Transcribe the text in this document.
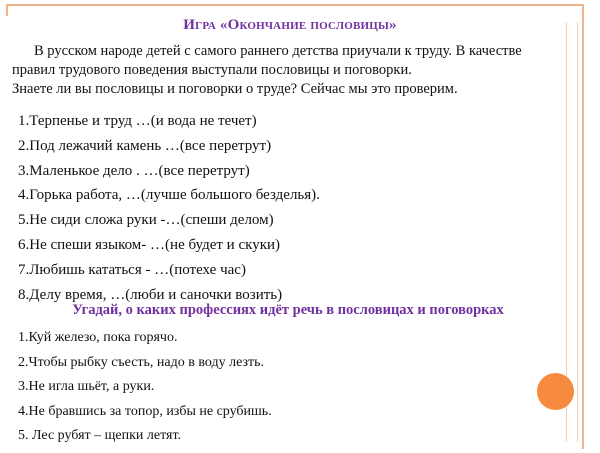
Игра «Окончание пословицы»

В русском народе детей с самого раннего детства приучали к труду. В качестве правил трудового поведения выступали пословицы и поговорки.

Знаете ли вы пословицы и поговорки о труде? Сейчас мы это проверим.

1.Терпенье и труд …(и вода не течет)
2.Под лежачий камень …(все перетрут)
3.Маленькое дело . …(все перетрут)
4.Горька работа, …(лучше большого безделья).
5.Не сиди сложа руки -…(спеши делом)
6.Не спеши языком- …(не будет и скуки)
7.Любишь кататься - …(потехе час)
8.Делу время, …(люби и саночки возить)
Угадай, о каких профессиях идёт речь в пословицах и поговорках
1.Куй железо, пока горячо.
2.Чтобы рыбку съесть, надо в воду лезть.
3.Не игла шьёт, а руки.
4.Не бравшись за топор, избы не срубишь.
5. Лес рубят – щепки летят.
